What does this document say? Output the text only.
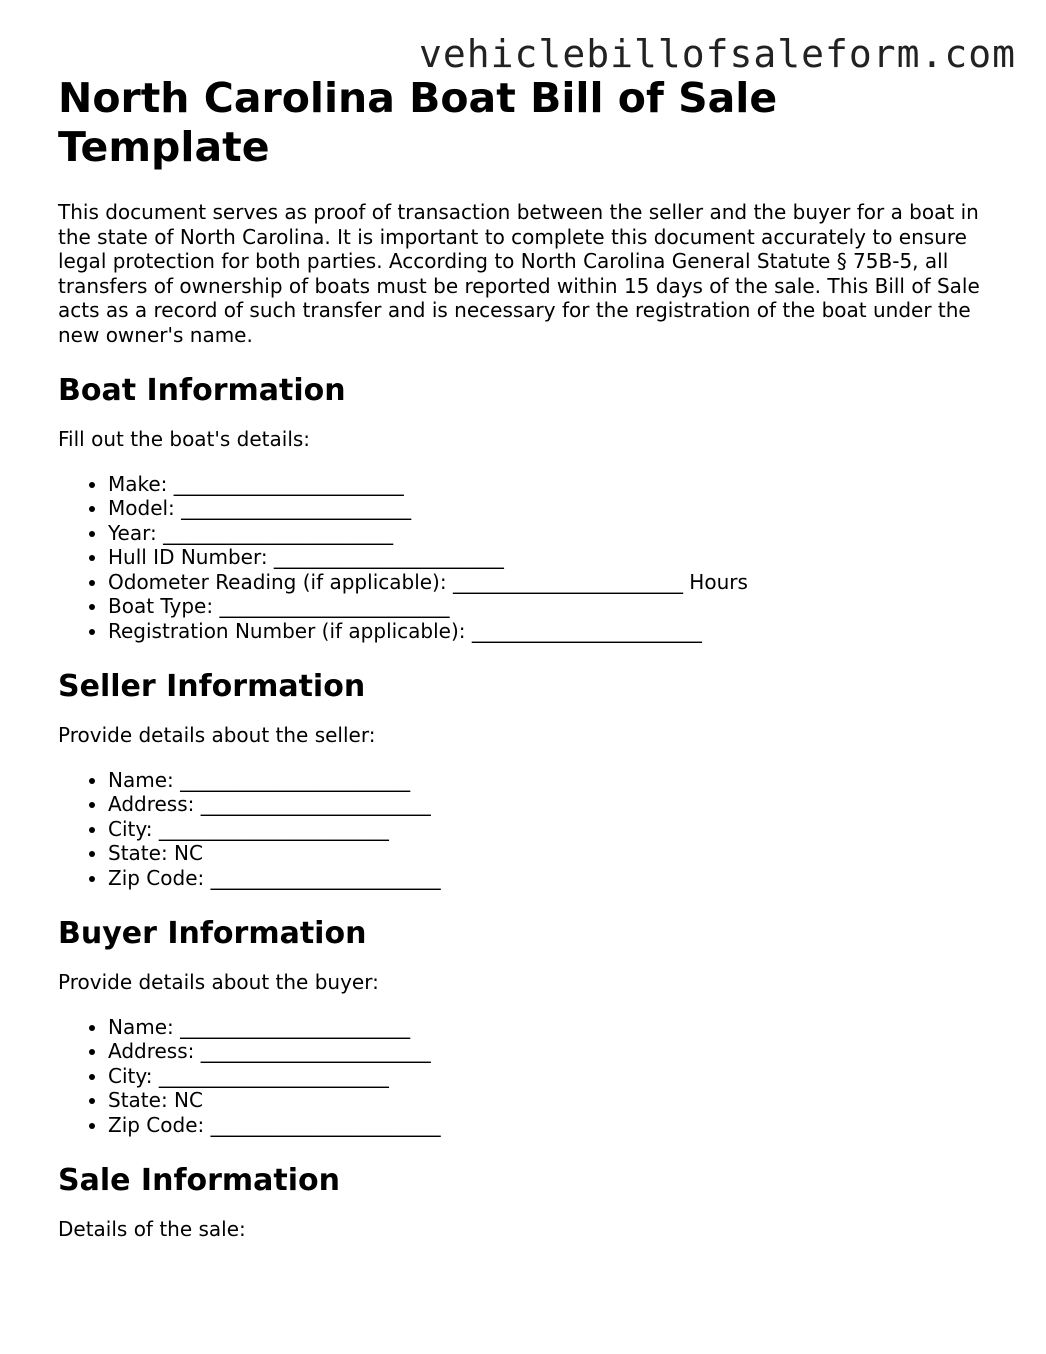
vehiclebillofsaleform.com
North Carolina Boat Bill of Sale Template

This document serves as proof of transaction between the seller and the buyer for a boat in the state of North Carolina. It is important to complete this document accurately to ensure legal protection for both parties. According to North Carolina General Statute § 75B-5, all transfers of ownership of boats must be reported within 15 days of the sale. This Bill of Sale acts as a record of such transfer and is necessary for the registration of the boat under the new owner's name.

Boat Information

Fill out the boat's details:

• Make: _______________________
• Model: _______________________
• Year: _______________________
• Hull ID Number: _______________________
• Odometer Reading (if applicable): _______________________ Hours
• Boat Type: _______________________
• Registration Number (if applicable): _______________________
Seller Information

Provide details about the seller:

• Name: _______________________
• Address: _______________________
• City: _______________________
• State: NC
• Zip Code: _______________________
Buyer Information

Provide details about the buyer:

• Name: _______________________
• Address: _______________________
• City: _______________________
• State: NC
• Zip Code: _______________________
Sale Information

Details of the sale:
